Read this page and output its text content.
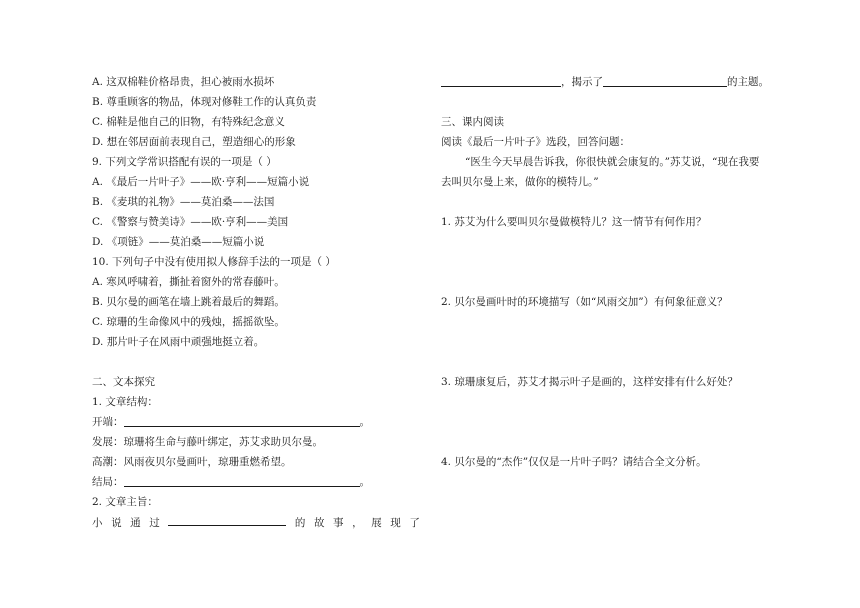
A. 这双棉鞋价格昂贵，担心被雨水损坏
B. 尊重顾客的物品，体现对修鞋工作的认真负责
C. 棉鞋是他自己的旧物，有特殊纪念意义
D. 想在邻居面前表现自己，塑造细心的形象
9. 下列文学常识搭配有误的一项是（ ）
A. 《最后一片叶子》——欧·亨利——短篇小说
B. 《麦琪的礼物》——莫泊桑——法国
C. 《警察与赞美诗》——欧·亨利——美国
D. 《项链》——莫泊桑——短篇小说
10. 下列句子中没有使用拟人修辞手法的一项是（ ）
A. 寒风呼啸着，撕扯着窗外的常春藤叶。
B. 贝尔曼的画笔在墙上跳着最后的舞蹈。
C. 琼珊的生命像风中的残烛，摇摇欲坠。
D. 那片叶子在风雨中顽强地挺立着。
二、文本探究
1. 文章结构：
开端：	。
发展：琼珊将生命与藤叶绑定，苏艾求助贝尔曼。
高潮：风雨夜贝尔曼画叶，琼珊重燃希望。
结局：	。
2. 文章主旨：
小 说 通 过	的 故 事 ， 展 现 了
，揭示了	的主题。
三、课内阅读
阅读《最后一片叶子》选段，回答问题：
“医生今天早晨告诉我，你很快就会康复的。”苏艾说，“现在我要
去叫贝尔曼上来，做你的模特儿。”
1. 苏艾为什么要叫贝尔曼做模特儿？这一情节有何作用？
2. 贝尔曼画叶时的环境描写（如“风雨交加”）有何象征意义？
3. 琼珊康复后，苏艾才揭示叶子是画的，这样安排有什么好处？
4. 贝尔曼的“杰作”仅仅是一片叶子吗？请结合全文分析。
